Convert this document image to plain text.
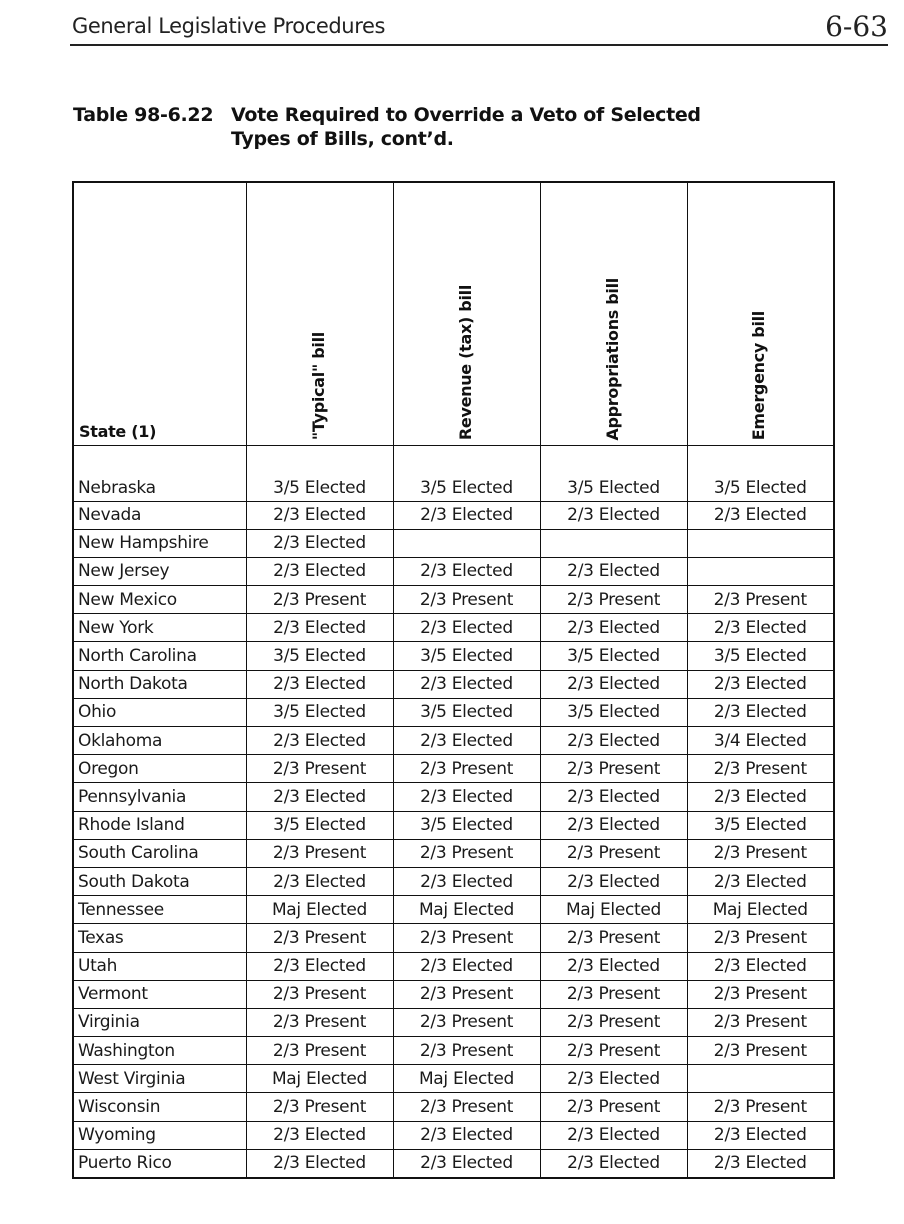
General Legislative Procedures	6-63
Table 98-6.22 Vote Required to Override a Veto of Selected Types of Bills, cont’d.
State (1)	"Typical" bill	Revenue (tax) bill	Appropriations bill	Emergency bill

Nebraska	3/5 Elected	3/5 Elected	3/5 Elected	3/5 Elected
Nevada	2/3 Elected	2/3 Elected	2/3 Elected	2/3 Elected
New Hampshire	2/3 Elected			
New Jersey	2/3 Elected	2/3 Elected	2/3 Elected	
New Mexico	2/3 Present	2/3 Present	2/3 Present	2/3 Present
New York	2/3 Elected	2/3 Elected	2/3 Elected	2/3 Elected
North Carolina	3/5 Elected	3/5 Elected	3/5 Elected	3/5 Elected
North Dakota	2/3 Elected	2/3 Elected	2/3 Elected	2/3 Elected
Ohio	3/5 Elected	3/5 Elected	3/5 Elected	2/3 Elected
Oklahoma	2/3 Elected	2/3 Elected	2/3 Elected	3/4 Elected
Oregon	2/3 Present	2/3 Present	2/3 Present	2/3 Present
Pennsylvania	2/3 Elected	2/3 Elected	2/3 Elected	2/3 Elected
Rhode Island	3/5 Elected	3/5 Elected	2/3 Elected	3/5 Elected
South Carolina	2/3 Present	2/3 Present	2/3 Present	2/3 Present
South Dakota	2/3 Elected	2/3 Elected	2/3 Elected	2/3 Elected
Tennessee	Maj Elected	Maj Elected	Maj Elected	Maj Elected
Texas	2/3 Present	2/3 Present	2/3 Present	2/3 Present
Utah	2/3 Elected	2/3 Elected	2/3 Elected	2/3 Elected
Vermont	2/3 Present	2/3 Present	2/3 Present	2/3 Present
Virginia	2/3 Present	2/3 Present	2/3 Present	2/3 Present
Washington	2/3 Present	2/3 Present	2/3 Present	2/3 Present
West Virginia	Maj Elected	Maj Elected	2/3 Elected	
Wisconsin	2/3 Present	2/3 Present	2/3 Present	2/3 Present
Wyoming	2/3 Elected	2/3 Elected	2/3 Elected	2/3 Elected
Puerto Rico	2/3 Elected	2/3 Elected	2/3 Elected	2/3 Elected
